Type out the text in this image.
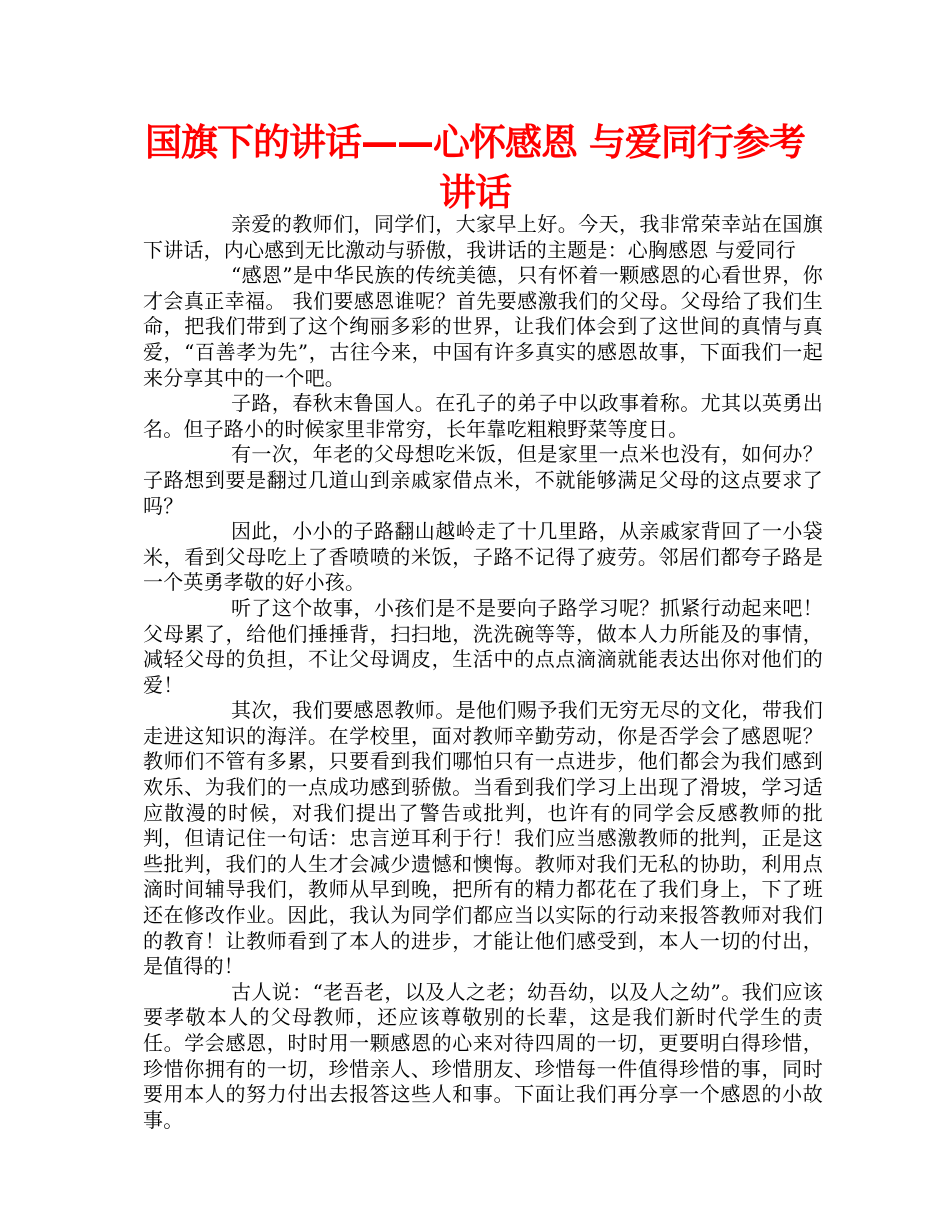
国旗下的讲话——心怀感恩 与爱同行参考讲话

亲爱的教师们，同学们，大家早上好。今天，我非常荣幸站在国旗下讲话，内心感到无比激动与骄傲，我讲话的主题是：心胸感恩 与爱同行

“感恩”是中华民族的传统美德，只有怀着一颗感恩的心看世界，你才会真正幸福。 我们要感恩谁呢？首先要感激我们的父母。父母给了我们生命，把我们带到了这个绚丽多彩的世界，让我们体会到了这世间的真情与真爱，“百善孝为先”，古往今来，中国有许多真实的感恩故事，下面我们一起来分享其中的一个吧。

子路，春秋末鲁国人。在孔子的弟子中以政事着称。尤其以英勇出名。但子路小的时候家里非常穷，长年靠吃粗粮野菜等度日。

有一次，年老的父母想吃米饭，但是家里一点米也没有，如何办？子路想到要是翻过几道山到亲戚家借点米，不就能够满足父母的这点要求了吗？

因此，小小的子路翻山越岭走了十几里路，从亲戚家背回了一小袋米，看到父母吃上了香喷喷的米饭，子路不记得了疲劳。邻居们都夸子路是一个英勇孝敬的好小孩。

听了这个故事，小孩们是不是要向子路学习呢？抓紧行动起来吧！父母累了，给他们捶捶背，扫扫地，洗洗碗等等，做本人力所能及的事情，减轻父母的负担，不让父母调皮，生活中的点点滴滴就能表达出你对他们的爱！

其次，我们要感恩教师。是他们赐予我们无穷无尽的文化，带我们走进这知识的海洋。在学校里，面对教师辛勤劳动，你是否学会了感恩呢？教师们不管有多累，只要看到我们哪怕只有一点进步，他们都会为我们感到欢乐、为我们的一点成功感到骄傲。当看到我们学习上出现了滑坡，学习适应散漫的时候，对我们提出了警告或批判，也许有的同学会反感教师的批判，但请记住一句话：忠言逆耳利于行！我们应当感激教师的批判，正是这些批判，我们的人生才会减少遗憾和懊悔。教师对我们无私的协助，利用点滴时间辅导我们，教师从早到晚，把所有的精力都花在了我们身上，下了班还在修改作业。因此，我认为同学们都应当以实际的行动来报答教师对我们的教育！让教师看到了本人的进步，才能让他们感受到，本人一切的付出，是值得的！

古人说：“老吾老，以及人之老；幼吾幼，以及人之幼”。我们应该要孝敬本人的父母教师，还应该尊敬别的长辈，这是我们新时代学生的责任。学会感恩，时时用一颗感恩的心来对待四周的一切，更要明白得珍惜，珍惜你拥有的一切，珍惜亲人、珍惜朋友、珍惜每一件值得珍惜的事，同时要用本人的努力付出去报答这些人和事。下面让我们再分享一个感恩的小故事。
